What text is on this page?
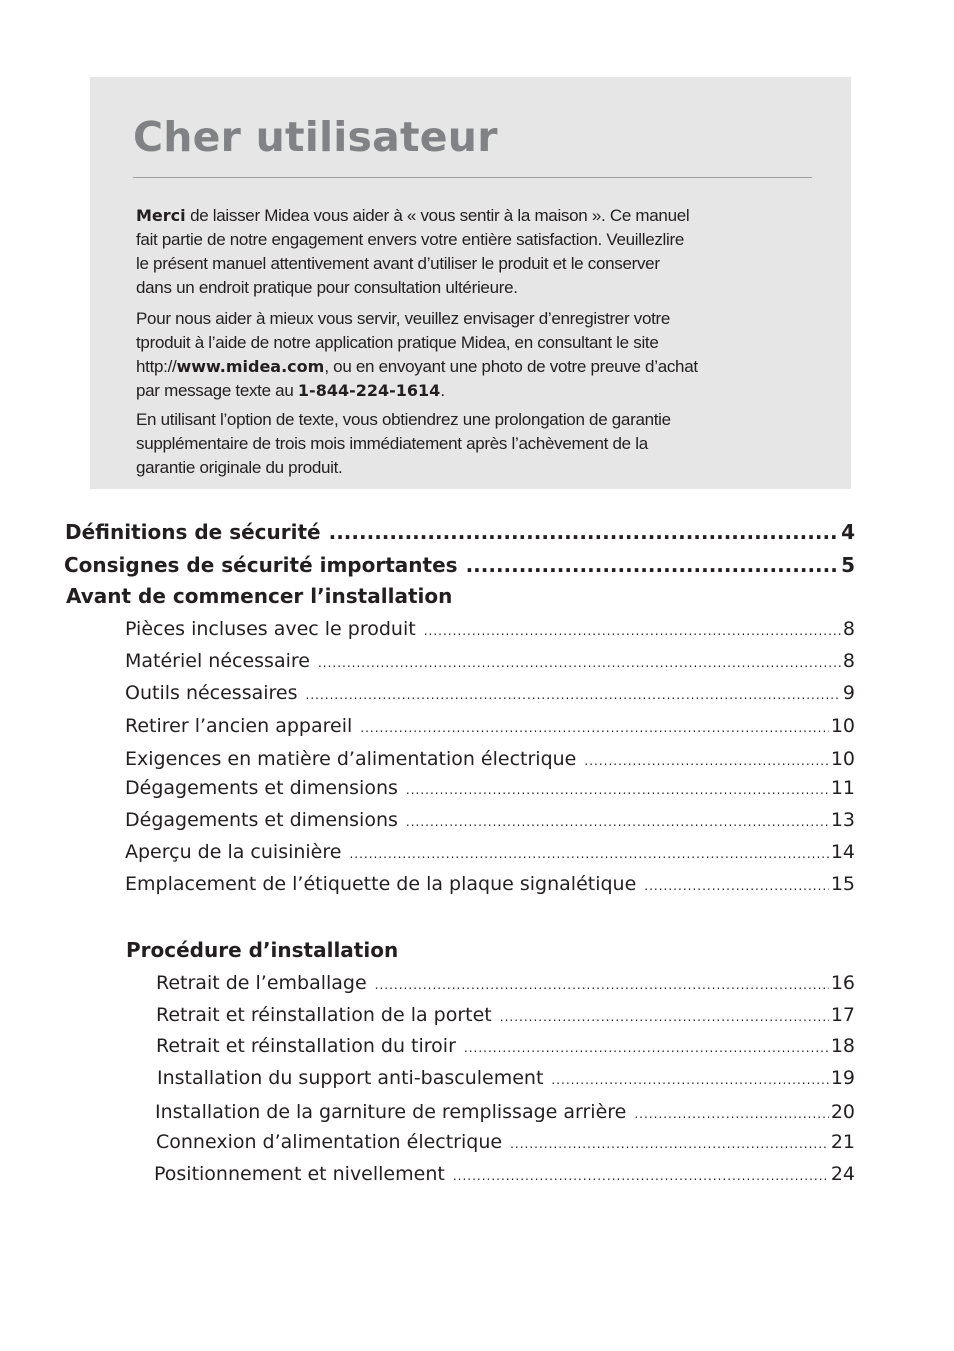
Cher utilisateur

Merci de laisser Midea vous aider à « vous sentir à la maison ». Ce manuel
fait partie de notre engagement envers votre entière satisfaction. Veuillezlire
le présent manuel attentivement avant d’utiliser le produit et le conserver
dans un endroit pratique pour consultation ultérieure.

Pour nous aider à mieux vous servir, veuillez envisager d’enregistrer votre
tproduit à l’aide de notre application pratique Midea, en consultant le site
http://www.midea.com, ou en envoyant une photo de votre preuve d’achat
par message texte au 1-844-224-1614.

En utilisant l’option de texte, vous obtiendrez une prolongation de garantie
supplémentaire de trois mois immédiatement après l’achèvement de la
garantie originale du produit.

Définitions de sécurité .....	4
Consignes de sécurité importantes .....	5
Avant de commencer l’installation
Pièces incluses avec le produit .....	8
Matériel nécessaire .....	8
Outils nécessaires .....	9
Retirer l’ancien appareil .....	10
Exigences en matière d’alimentation électrique .....	10
Dégagements et dimensions .....	11
Dégagements et dimensions .....	13
Aperçu de la cuisinière .....	14
Emplacement de l’étiquette de la plaque signalétique .....	15
Procédure d’installation
Retrait de l’emballage .....	16
Retrait et réinstallation de la portet .....	17
Retrait et réinstallation du tiroir .....	18
Installation du support anti-basculement .....	19
Installation de la garniture de remplissage arrière .....	20
Connexion d’alimentation électrique .....	21
Positionnement et nivellement .....	24
